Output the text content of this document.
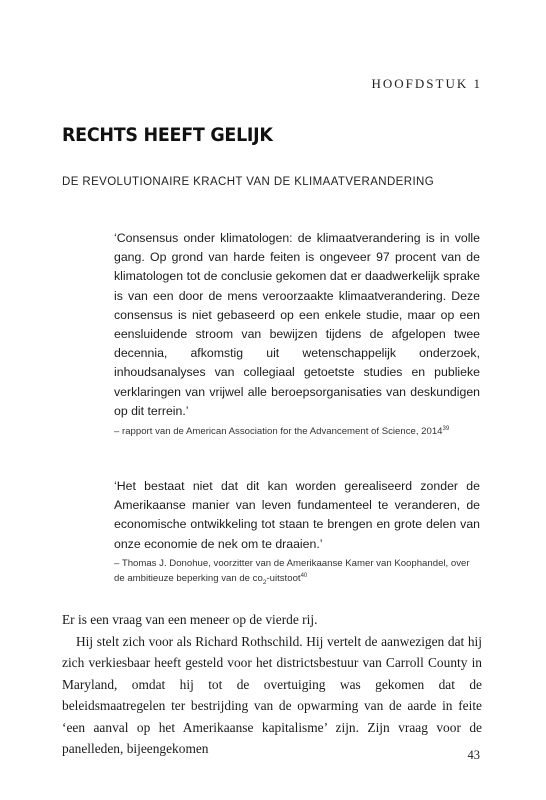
HOOFDSTUK 1
RECHTS HEEFT GELIJK
DE REVOLUTIONAIRE KRACHT VAN DE KLIMAATVERANDERING

‘Consensus onder klimatologen: de klimaatverandering is in volle gang. Op grond van harde feiten is ongeveer 97 procent van de klimatologen tot de conclusie gekomen dat er daadwerkelijk sprake is van een door de mens veroorzaakte klimaatverandering. Deze consensus is niet gebaseerd op een enkele studie, maar op een eensluidende stroom van bewijzen tijdens de afgelopen twee decennia, afkomstig uit wetenschappelijk onderzoek, inhoudsanalyses van collegiaal getoetste studies en publieke verklaringen van vrijwel alle beroepsorganisaties van deskundigen op dit terrein.’

– rapport van de American Association for the Advancement of Science, 2014$^{39}$

‘Het bestaat niet dat dit kan worden gerealiseerd zonder de Amerikaanse manier van leven fundamenteel te veranderen, de economische ontwikkeling tot staan te brengen en grote delen van onze economie de nek om te draaien.’

– Thomas J. Donohue, voorzitter van de Amerikaanse Kamer van Koophandel, over de ambitieuze beperking van de $co_2-uitstoot^{40}$

Er is een vraag van een meneer op de vierde rij.

Hij stelt zich voor als Richard Rothschild. Hij vertelt de aanwezigen dat hij zich verkiesbaar heeft gesteld voor het districtsbestuur van Carroll County in Maryland, omdat hij tot de overtuiging was gekomen dat de beleidsmaatregelen ter bestrijding van de opwarming van de aarde in feite ‘een aanval op het Amerikaanse kapitalisme’ zijn. Zijn vraag voor de panelleden, bijeengekomen	43
